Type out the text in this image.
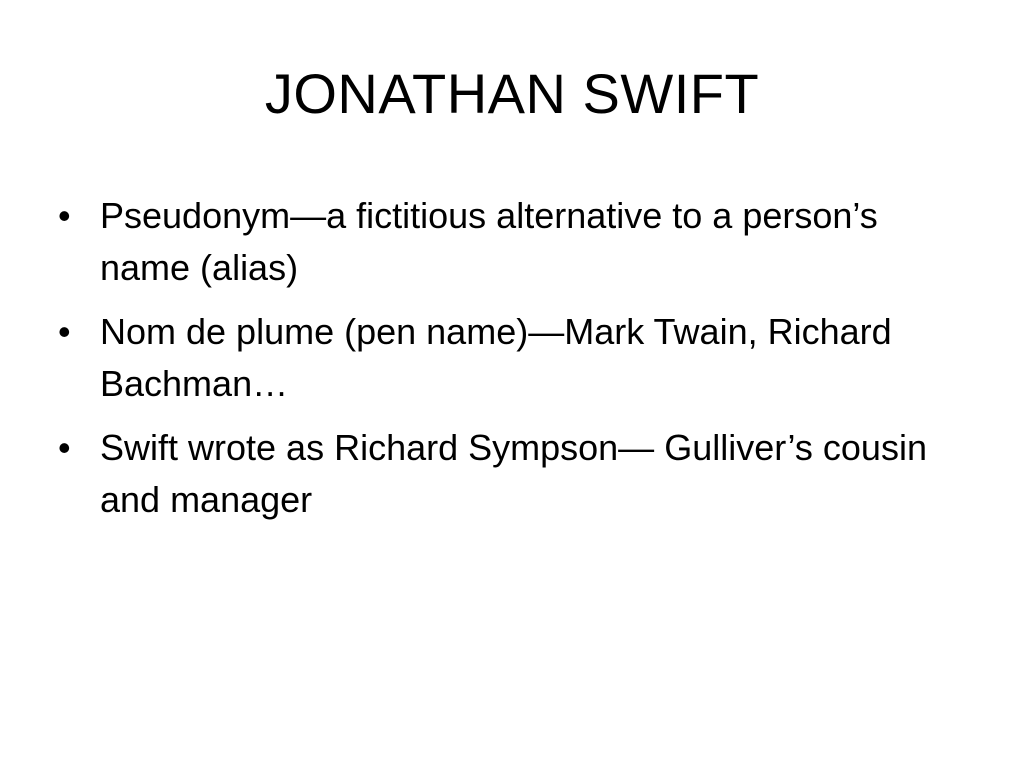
JONATHAN SWIFT
• Pseudonym—a fictitious alternative to a person’s name (alias)
• Nom de plume (pen name)—Mark Twain, Richard Bachman…
• Swift wrote as Richard Sympson— Gulliver’s cousin and manager
